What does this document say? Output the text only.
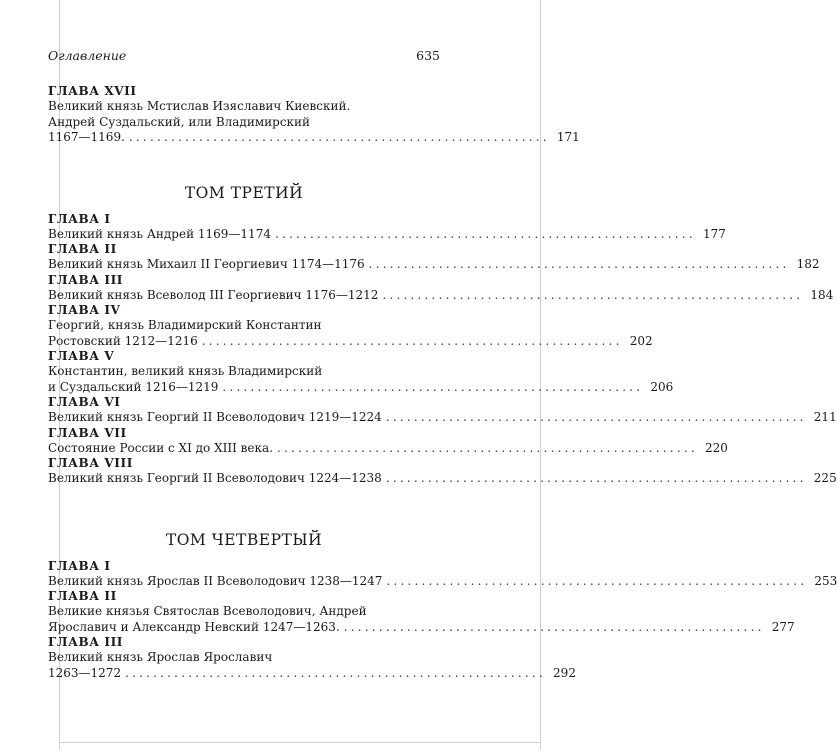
Оглавление	635
ГЛАВА XVII
Великий князь Мстислав Изяславич Киевский.
Андрей Суздальский, или Владимирский
1167—1169. ............................................................ 171
ТОМ ТРЕТИЙ
ГЛАВА I
Великий князь Андрей 1169—1174 ............................................................ 177
ГЛАВА II
Великий князь Михаил II Георгиевич 1174—1176 ............................................................ 182
ГЛАВА III
Великий князь Всеволод III Георгиевич 1176—1212 ............................................................ 184
ГЛАВА IV
Георгий, князь Владимирский Константин
Ростовский 1212—1216 ............................................................ 202
ГЛАВА V
Константин, великий князь Владимирский
и Суздальский 1216—1219 ............................................................ 206
ГЛАВА VI
Великий князь Георгий II Всеволодович 1219—1224 ............................................................ 211
ГЛАВА VII
Состояние России с XI до XIII века. ............................................................ 220
ГЛАВА VIII
Великий князь Георгий II Всеволодович 1224—1238 ............................................................ 225
ТОМ ЧЕТВЕРТЫЙ
ГЛАВА I
Великий князь Ярослав II Всеволодович 1238—1247 ............................................................ 253
ГЛАВА II
Великие князья Святослав Всеволодович, Андрей
Ярославич и Александр Невский 1247—1263. ............................................................ 277
ГЛАВА III
Великий князь Ярослав Ярославич
1263—1272 ............................................................ 292
